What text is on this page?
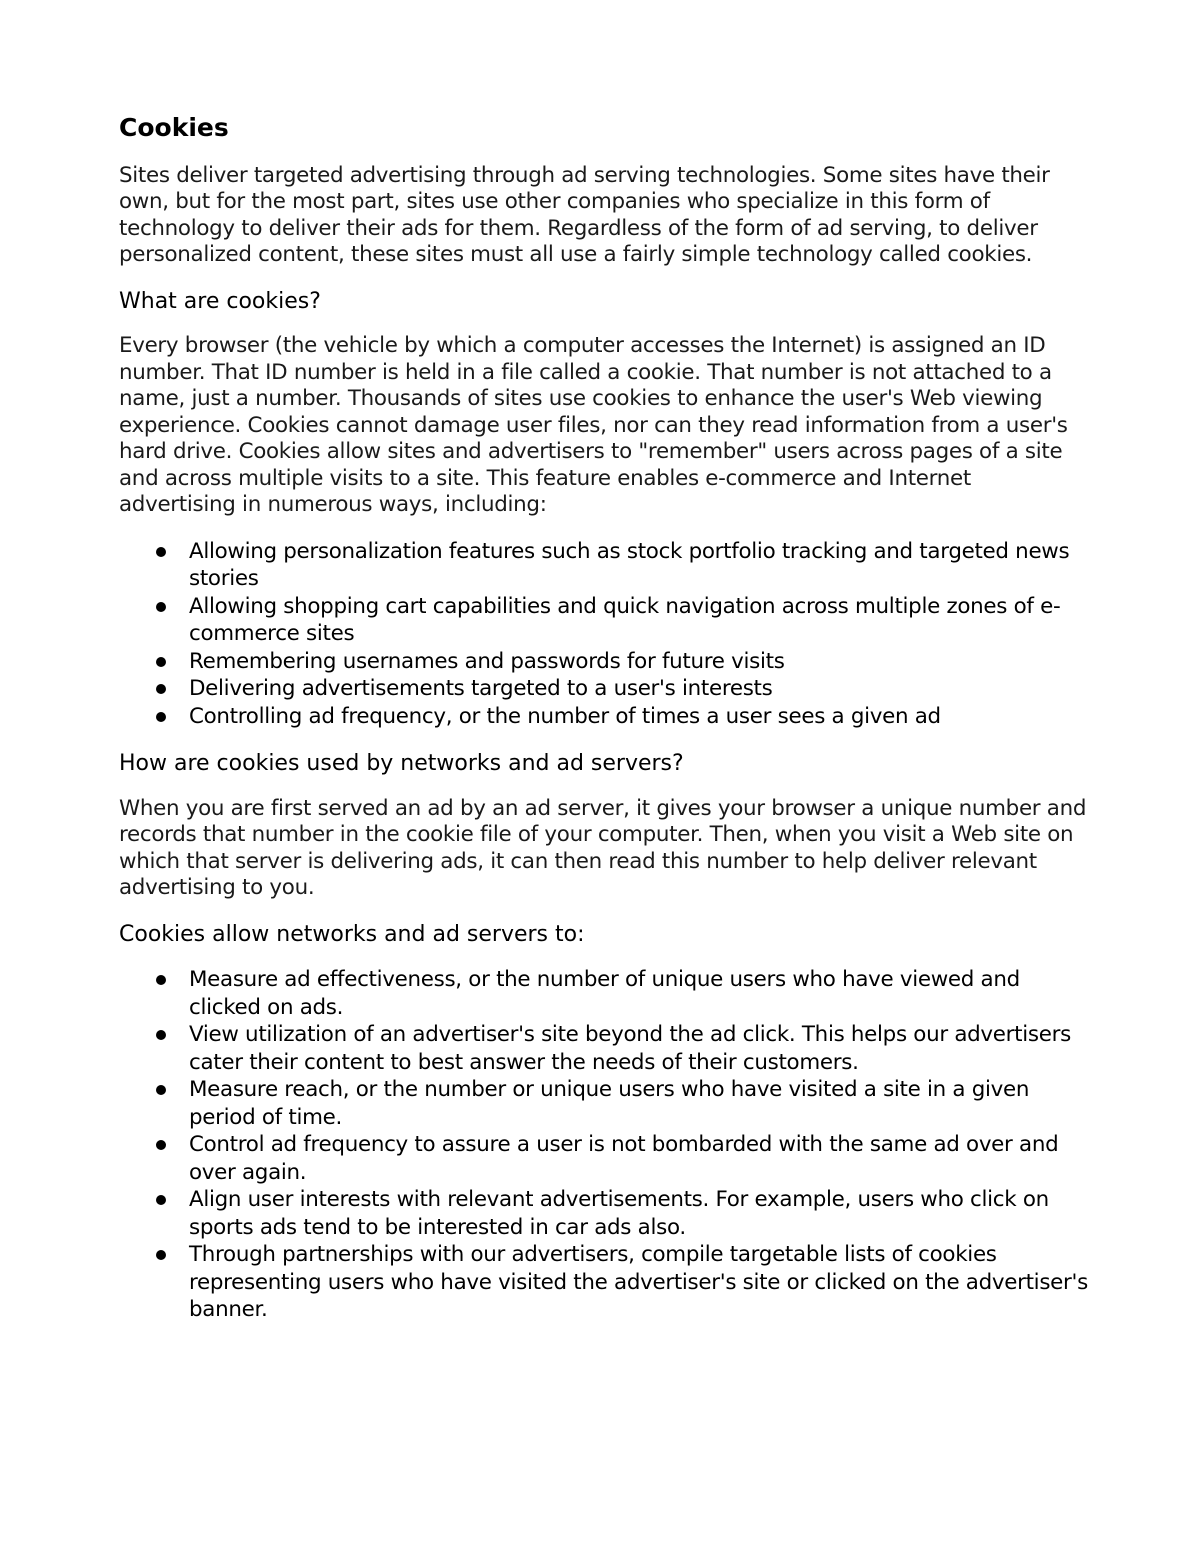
Cookies

Sites deliver targeted advertising through ad serving technologies. Some sites have their own, but for the most part, sites use other companies who specialize in this form of technology to deliver their ads for them. Regardless of the form of ad serving, to deliver personalized content, these sites must all use a fairly simple technology called cookies.

What are cookies?

Every browser (the vehicle by which a computer accesses the Internet) is assigned an ID number. That ID number is held in a file called a cookie. That number is not attached to a name, just a number. Thousands of sites use cookies to enhance the user's Web viewing experience. Cookies cannot damage user files, nor can they read information from a user's hard drive. Cookies allow sites and advertisers to "remember" users across pages of a site and across multiple visits to a site. This feature enables e-commerce and Internet advertising in numerous ways, including:

Allowing personalization features such as stock portfolio tracking and targeted news stories
Allowing shopping cart capabilities and quick navigation across multiple zones of e-commerce sites
Remembering usernames and passwords for future visits
Delivering advertisements targeted to a user's interests
Controlling ad frequency, or the number of times a user sees a given ad
How are cookies used by networks and ad servers?

When you are first served an ad by an ad server, it gives your browser a unique number and records that number in the cookie file of your computer. Then, when you visit a Web site on which that server is delivering ads, it can then read this number to help deliver relevant advertising to you.

Cookies allow networks and ad servers to:
Measure ad effectiveness, or the number of unique users who have viewed and clicked on ads.
View utilization of an advertiser's site beyond the ad click. This helps our advertisers cater their content to best answer the needs of their customers.
Measure reach, or the number or unique users who have visited a site in a given period of time.
Control ad frequency to assure a user is not bombarded with the same ad over and over again.
Align user interests with relevant advertisements. For example, users who click on sports ads tend to be interested in car ads also.
Through partnerships with our advertisers, compile targetable lists of cookies representing users who have visited the advertiser's site or clicked on the advertiser's banner.
